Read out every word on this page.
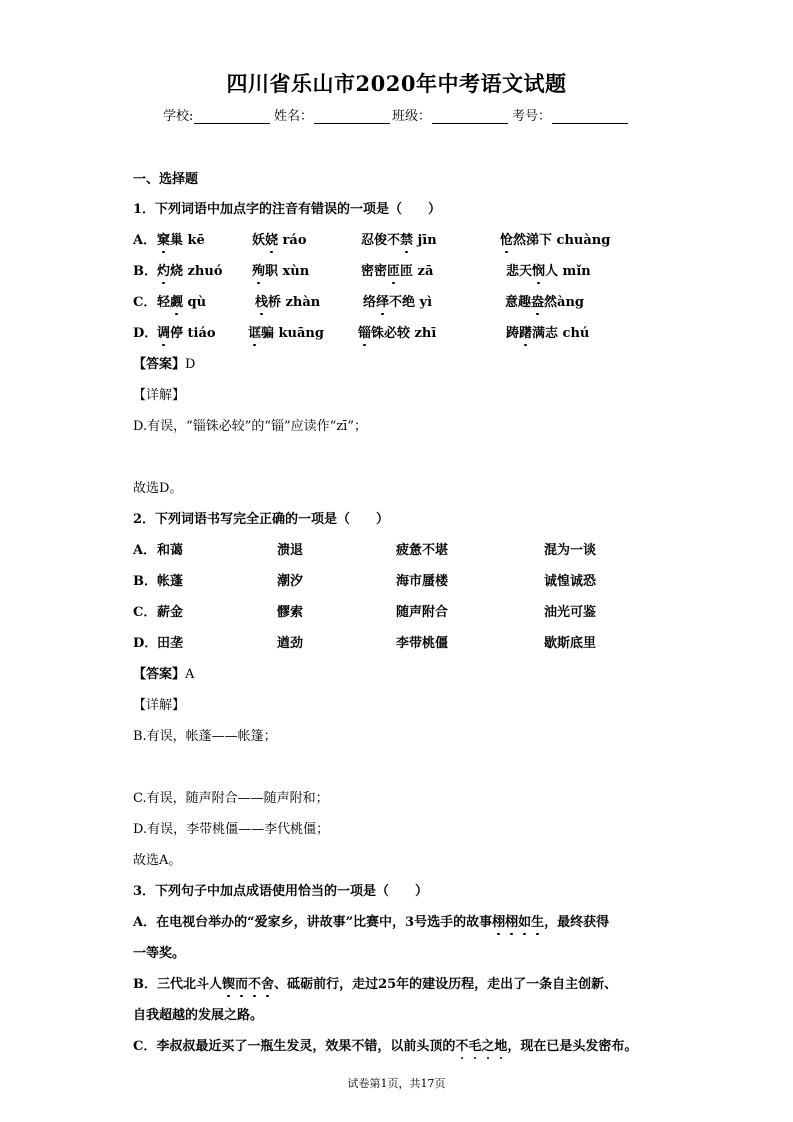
四川省乐山市2020年中考语文试题
学校:	姓名：	班级：	考号：
一、选择题
1．下列词语中加点字的注音有错误的一项是（　　）
A． 窠巢 kē	妖娆 ráo	忍俊不禁 jīn	怆然涕下 chuàng
B． 灼烧 zhuó 殉职 xùn	密密匝匝 zā	悲天悯人 mǐn
C． 轻觑 qù	栈桥 zhàn	络绎不绝 yì	意趣盎然àng
D． 调停 tiáo 诓骗 kuāng	锱铢必较 zhī	踌躇满志 chú
【答案】D
【详解】
D.有误，“锱铢必较”的“锱”应读作“zī”；
故选D。
2．下列词语书写完全正确的一项是（　　）
A． 和蔼	溃退	疲惫不堪	混为一谈
B． 帐蓬	潮汐	海市蜃楼	诚惶诚恐
C． 薪金	髎索	随声附合	油光可鉴
D． 田垄	遒劲	李带桃僵	歇斯底里
【答案】A
【详解】
B.有误，帐蓬——帐篷；
C.有误，随声附合——随声附和；
D.有误，李带桃僵——李代桃僵；
故选A。
3．下列句子中加点成语使用恰当的一项是（　　）
A．在电视台举办的“爱家乡，讲故事”比赛中，3号选手的故事栩栩如生，最终获得
一等奖。
B．三代北斗人锲而不舍、砥砺前行，走过25年的建设历程，走出了一条自主创新、
自我超越的发展之路。
C．李叔叔最近买了一瓶生发灵，效果不错，以前头顶的不毛之地，现在已是头发密布。
试卷第1页，共17页
